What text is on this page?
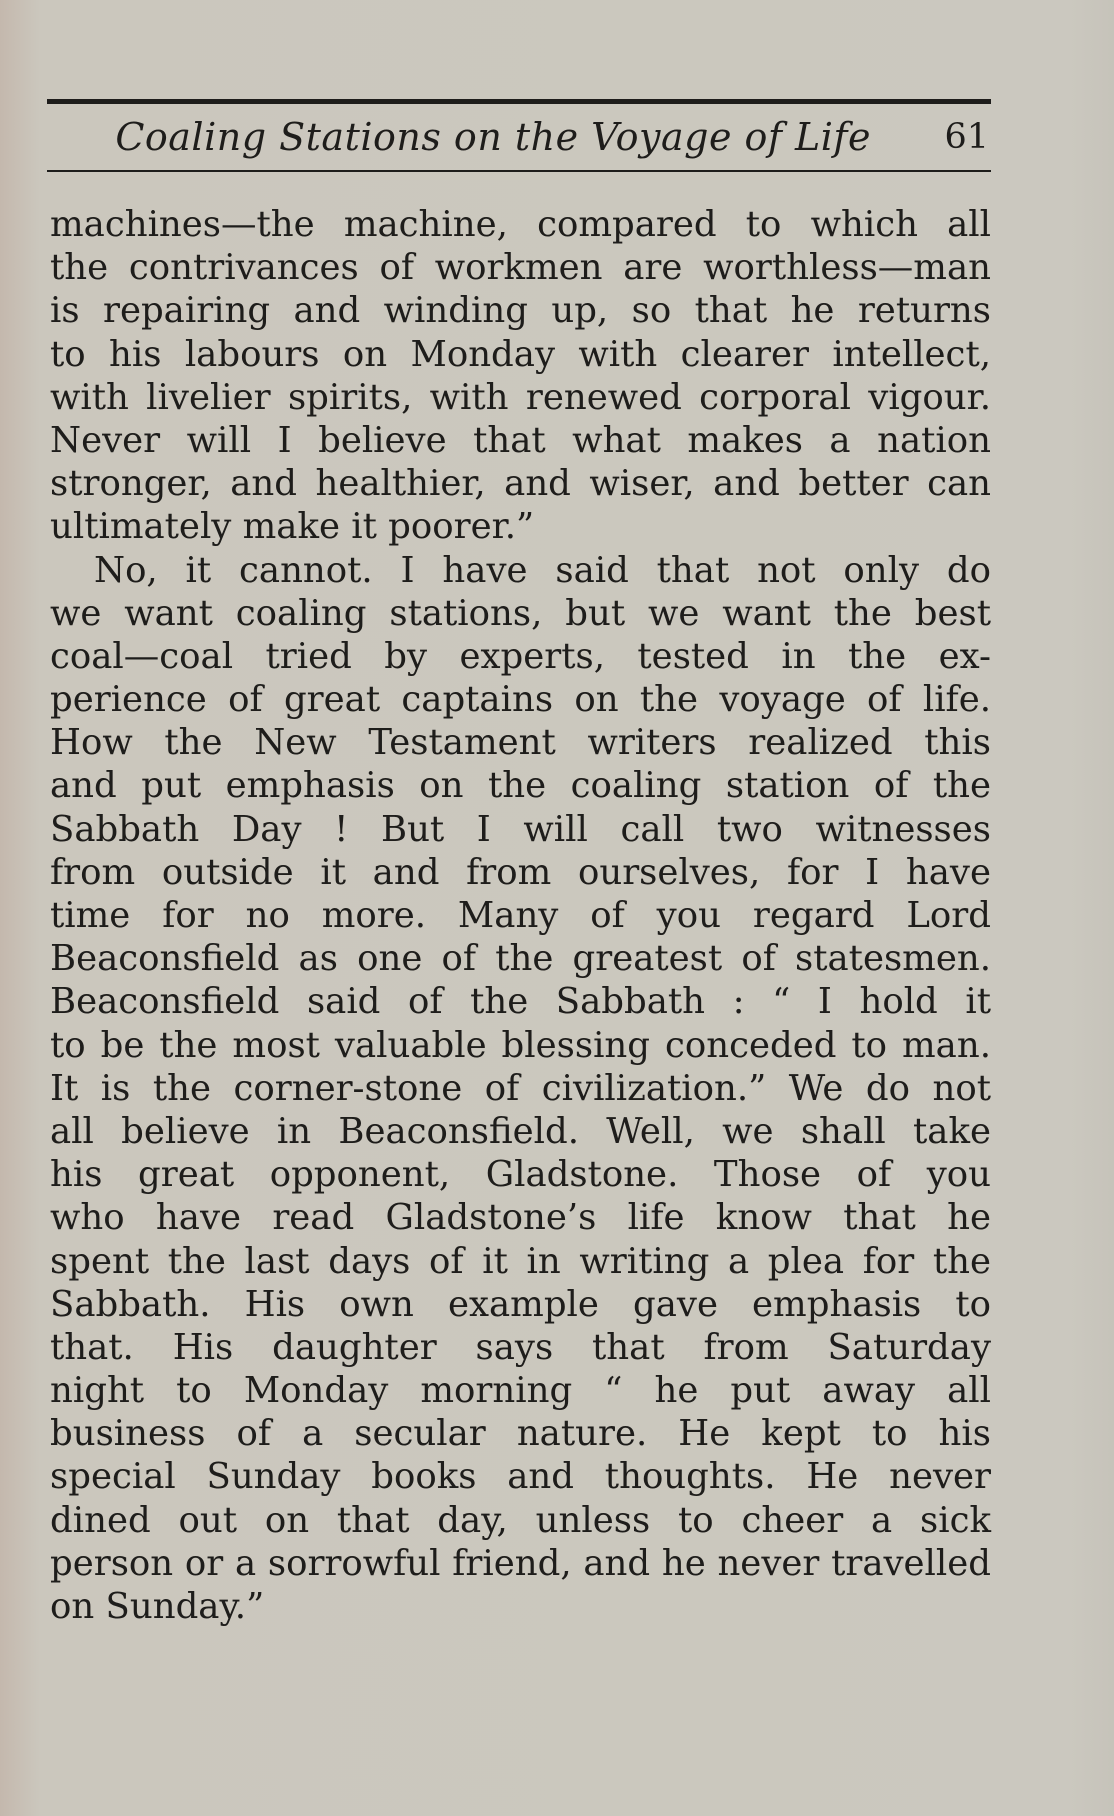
Coaling Stations on the Voyage of Life 61
machines—the machine, compared to which all
the contrivances of workmen are worthless—man
is repairing and winding up, so that he returns
to his labours on Monday with clearer intellect,
with livelier spirits, with renewed corporal vigour.
Never will I believe that what makes a nation
stronger, and healthier, and wiser, and better can
ultimately make it poorer.”
No, it cannot. I have said that not only do
we want coaling stations, but we want the best
coal—coal tried by experts, tested in the ex-
perience of great captains on the voyage of life.
How the New Testament writers realized this
and put emphasis on the coaling station of the
Sabbath Day ! But I will call two witnesses
from outside it and from ourselves, for I have
time for no more. Many of you regard Lord
Beaconsfield as one of the greatest of statesmen.
Beaconsfield said of the Sabbath : “ I hold it
to be the most valuable blessing conceded to man.
It is the corner-stone of civilization.” We do not
all believe in Beaconsfield. Well, we shall take
his great opponent, Gladstone. Those of you
who have read Gladstone’s life know that he
spent the last days of it in writing a plea for the
Sabbath. His own example gave emphasis to
that. His daughter says that from Saturday
night to Monday morning “ he put away all
business of a secular nature. He kept to his
special Sunday books and thoughts. He never
dined out on that day, unless to cheer a sick
person or a sorrowful friend, and he never travelled
on Sunday.”
